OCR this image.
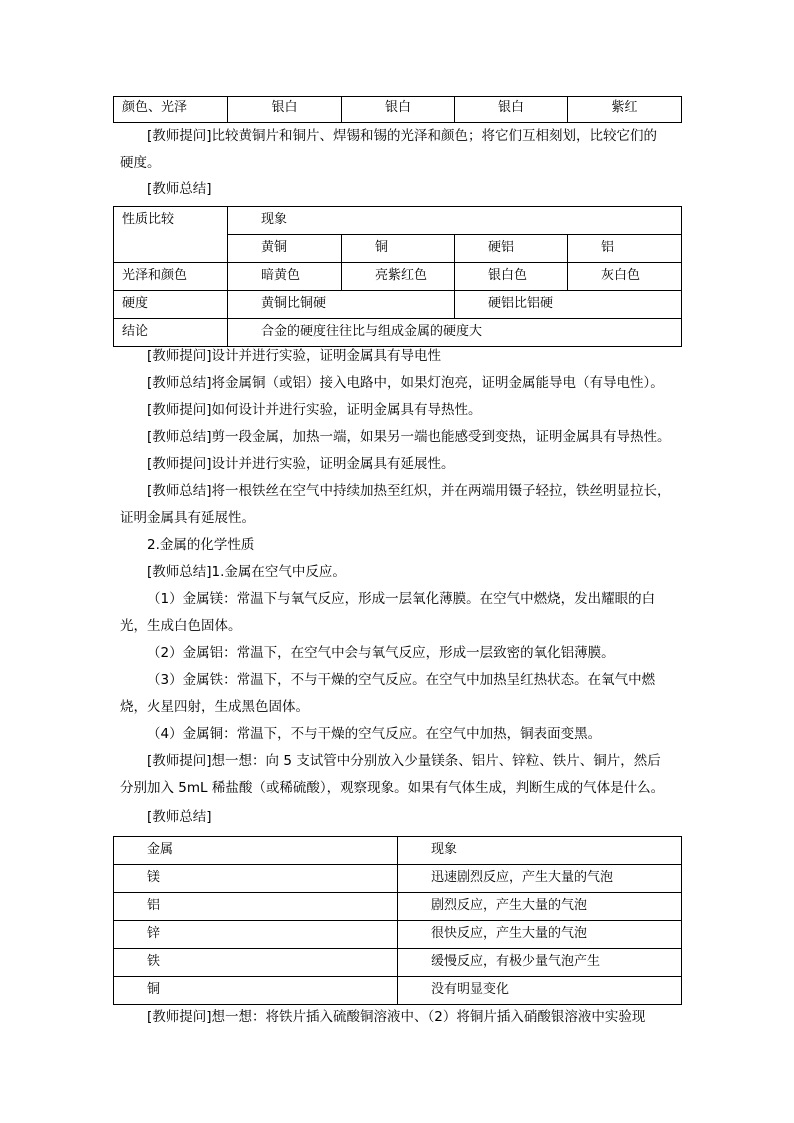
颜色、光泽	银白	银白	银白	紫红
[教师提问]比较黄铜片和铜片、焊锡和锡的光泽和颜色；将它们互相刻划，比较它们的
硬度。
[教师总结]
性质比较	现象			
	黄铜	铜	硬铝	铝
光泽和颜色	暗黄色	亮紫红色	银白色	灰白色
硬度	黄铜比铜硬		硬铝比铝硬	
结论	合金的硬度往往比与组成金属的硬度大			
[教师提问]设计并进行实验，证明金属具有导电性
[教师总结]将金属铜（或铝）接入电路中，如果灯泡亮，证明金属能导电（有导电性）。
[教师提问]如何设计并进行实验，证明金属具有导热性。
[教师总结]剪一段金属，加热一端，如果另一端也能感受到变热，证明金属具有导热性。
[教师提问]设计并进行实验，证明金属具有延展性。
[教师总结]将一根铁丝在空气中持续加热至红炽，并在两端用镊子轻拉，铁丝明显拉长，
证明金属具有延展性。
2.金属的化学性质
[教师总结]1.金属在空气中反应。
（1）金属镁：常温下与氧气反应，形成一层氧化薄膜。在空气中燃烧，发出耀眼的白
光，生成白色固体。
（2）金属铝：常温下，在空气中会与氧气反应，形成一层致密的氧化铝薄膜。
（3）金属铁：常温下，不与干燥的空气反应。在空气中加热呈红热状态。在氧气中燃
烧，火星四射，生成黑色固体。
（4）金属铜：常温下，不与干燥的空气反应。在空气中加热，铜表面变黑。
[教师提问]想一想：向 5 支试管中分别放入少量镁条、铝片、锌粒、铁片、铜片，然后
分别加入 5mL 稀盐酸（或稀硫酸），观察现象。如果有气体生成，判断生成的气体是什么。
[教师总结]
金属	现象
镁	迅速剧烈反应，产生大量的气泡
铝	剧烈反应，产生大量的气泡
锌	很快反应，产生大量的气泡
铁	缓慢反应，有极少量气泡产生
铜	没有明显变化
[教师提问]想一想：将铁片插入硫酸铜溶液中、（2）将铜片插入硝酸银溶液中实验现
